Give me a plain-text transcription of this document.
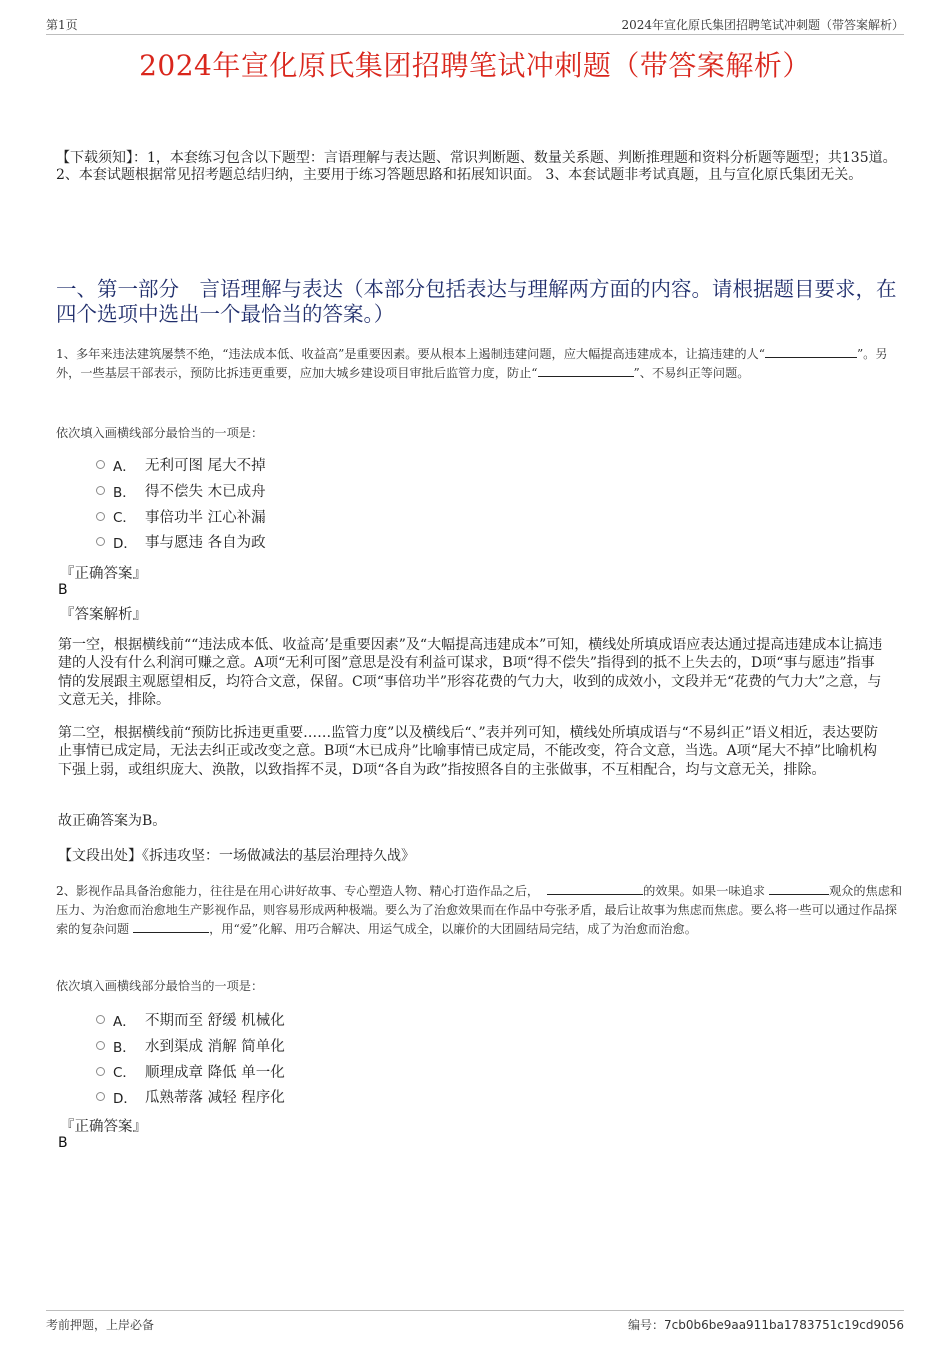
第1页	2024年宣化原氏集团招聘笔试冲刺题（带答案解析）
2024年宣化原氏集团招聘笔试冲刺题（带答案解析）

【下载须知】：1，本套练习包含以下题型：言语理解与表达题、常识判断题、数量关系题、判断推理题和资料分析题等题型；共135道。 2、本套试题根据常见招考题总结归纳，主要用于练习答题思路和拓展知识面。 3、本套试题非考试真题，且与宣化原氏集团无关。

一、第一部分　言语理解与表达（本部分包括表达与理解两方面的内容。请根据题目要求，在四个选项中选出一个最恰当的答案。）

1、多年来违法建筑屡禁不绝，“违法成本低、收益高”是重要因素。要从根本上遏制违建问题，应大幅提高违建成本，让搞违建的人“	”。另外，一些基层干部表示，预防比拆违更重要，应加大城乡建设项目审批后监管力度，防止“	”、不易纠正等问题。

依次填入画横线部分最恰当的一项是：

A． 无利可图 尾大不掉
B． 得不偿失 木已成舟
C． 事倍功半 江心补漏
D． 事与愿违 各自为政

『正确答案』

B

『答案解析』

第一空，根据横线前““违法成本低、收益高’是重要因素”及“大幅提高违建成本”可知，横线处所填成语应表达通过提高违建成本让搞违建的人没有什么利润可赚之意。A项“无利可图”意思是没有利益可谋求，B项“得不偿失”指得到的抵不上失去的，D项“事与愿违”指事情的发展跟主观愿望相反，均符合文意，保留。C项“事倍功半”形容花费的气力大，收到的成效小，文段并无“花费的气力大”之意，与文意无关，排除。

第二空，根据横线前“预防比拆违更重要……监管力度”以及横线后“、”表并列可知，横线处所填成语与“不易纠正”语义相近，表达要防止事情已成定局，无法去纠正或改变之意。B项“木已成舟”比喻事情已成定局，不能改变，符合文意，当选。A项“尾大不掉”比喻机构下强上弱，或组织庞大、涣散，以致指挥不灵，D项“各自为政”指按照各自的主张做事，不互相配合，均与文意无关，排除。

故正确答案为B。

【文段出处】《拆违攻坚：一场做减法的基层治理持久战》

2、影视作品具备治愈能力，往往是在用心讲好故事、专心塑造人物、精心打造作品之后，	的效果。如果一味追求	观众的焦虑和压力、为治愈而治愈地生产影视作品，则容易形成两种极端。要么为了治愈效果而在作品中夸张矛盾，最后让故事为焦虑而焦虑。要么将一些可以通过作品探索的复杂问题	，用“爱”化解、用巧合解决、用运气成全，以廉价的大团圆结局完结，成了为治愈而治愈。

依次填入画横线部分最恰当的一项是：

A． 不期而至 舒缓 机械化
B． 水到渠成 消解 简单化
C． 顺理成章 降低 单一化
D． 瓜熟蒂落 减轻 程序化

『正确答案』

B

考前押题，上岸必备	编号：7cb0b6be9aa911ba1783751c19cd9056
